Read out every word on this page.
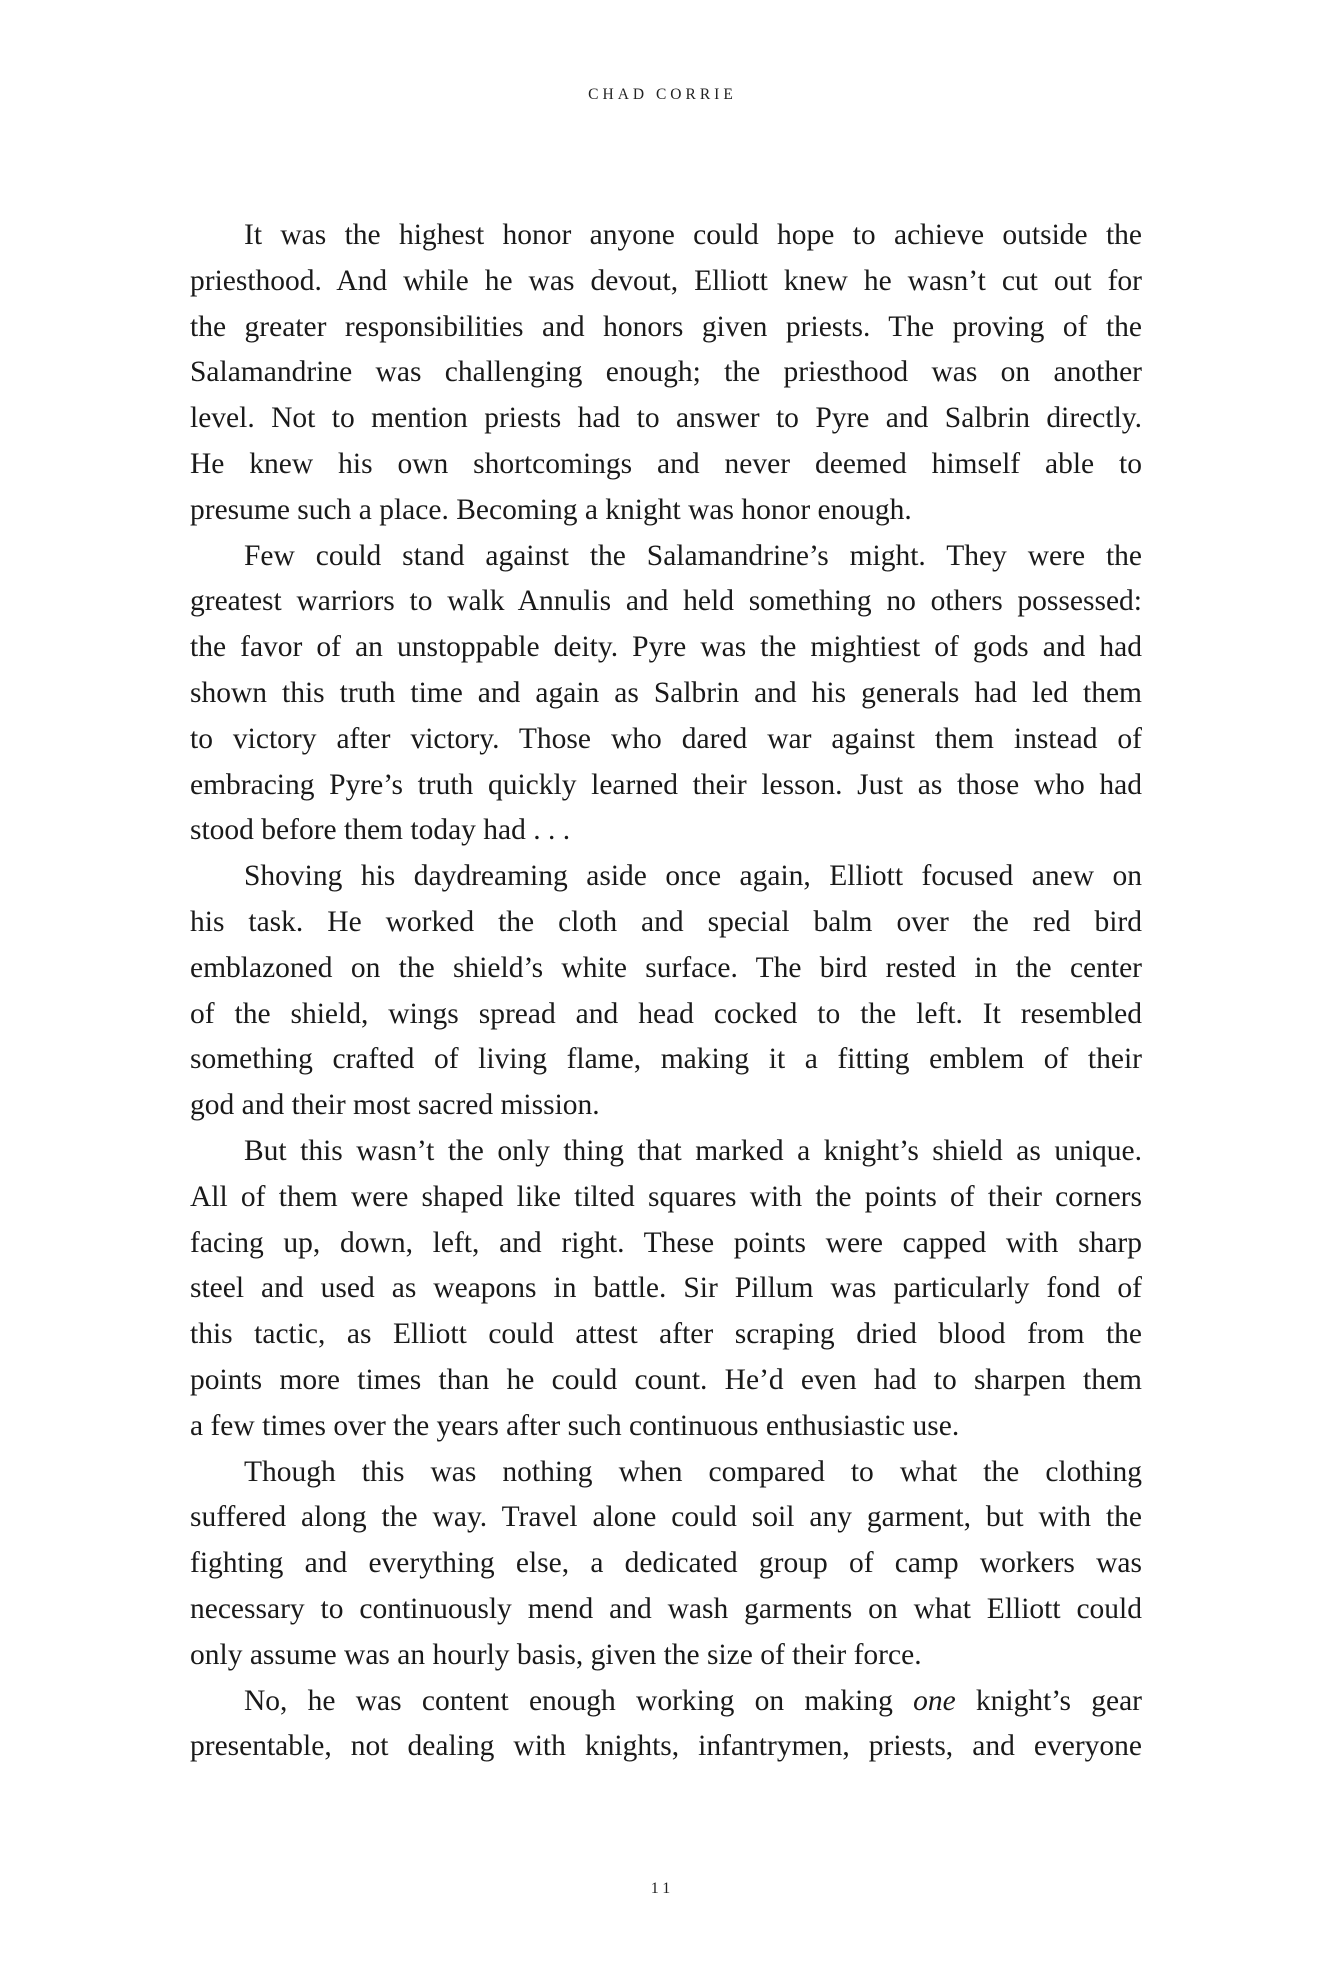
CHAD CORRIE
It was the highest honor anyone could hope to achieve outside the
priesthood. And while he was devout, Elliott knew he wasn’t cut out for
the greater responsibilities and honors given priests. The proving of the
Salamandrine was challenging enough; the priesthood was on another
level. Not to mention priests had to answer to Pyre and Salbrin directly.
He knew his own shortcomings and never deemed himself able to
presume such a place. Becoming a knight was honor enough.
Few could stand against the Salamandrine’s might. They were the
greatest warriors to walk Annulis and held something no others possessed:
the favor of an unstoppable deity. Pyre was the mightiest of gods and had
shown this truth time and again as Salbrin and his generals had led them
to victory after victory. Those who dared war against them instead of
embracing Pyre’s truth quickly learned their lesson. Just as those who had
stood before them today had . . .
Shoving his daydreaming aside once again, Elliott focused anew on
his task. He worked the cloth and special balm over the red bird
emblazoned on the shield’s white surface. The bird rested in the center
of the shield, wings spread and head cocked to the left. It resembled
something crafted of living flame, making it a fitting emblem of their
god and their most sacred mission.
But this wasn’t the only thing that marked a knight’s shield as unique.
All of them were shaped like tilted squares with the points of their corners
facing up, down, left, and right. These points were capped with sharp
steel and used as weapons in battle. Sir Pillum was particularly fond of
this tactic, as Elliott could attest after scraping dried blood from the
points more times than he could count. He’d even had to sharpen them
a few times over the years after such continuous enthusiastic use.
Though this was nothing when compared to what the clothing
suffered along the way. Travel alone could soil any garment, but with the
fighting and everything else, a dedicated group of camp workers was
necessary to continuously mend and wash garments on what Elliott could
only assume was an hourly basis, given the size of their force.
No, he was content enough working on making one knight’s gear
presentable, not dealing with knights, infantrymen, priests, and everyone
11
